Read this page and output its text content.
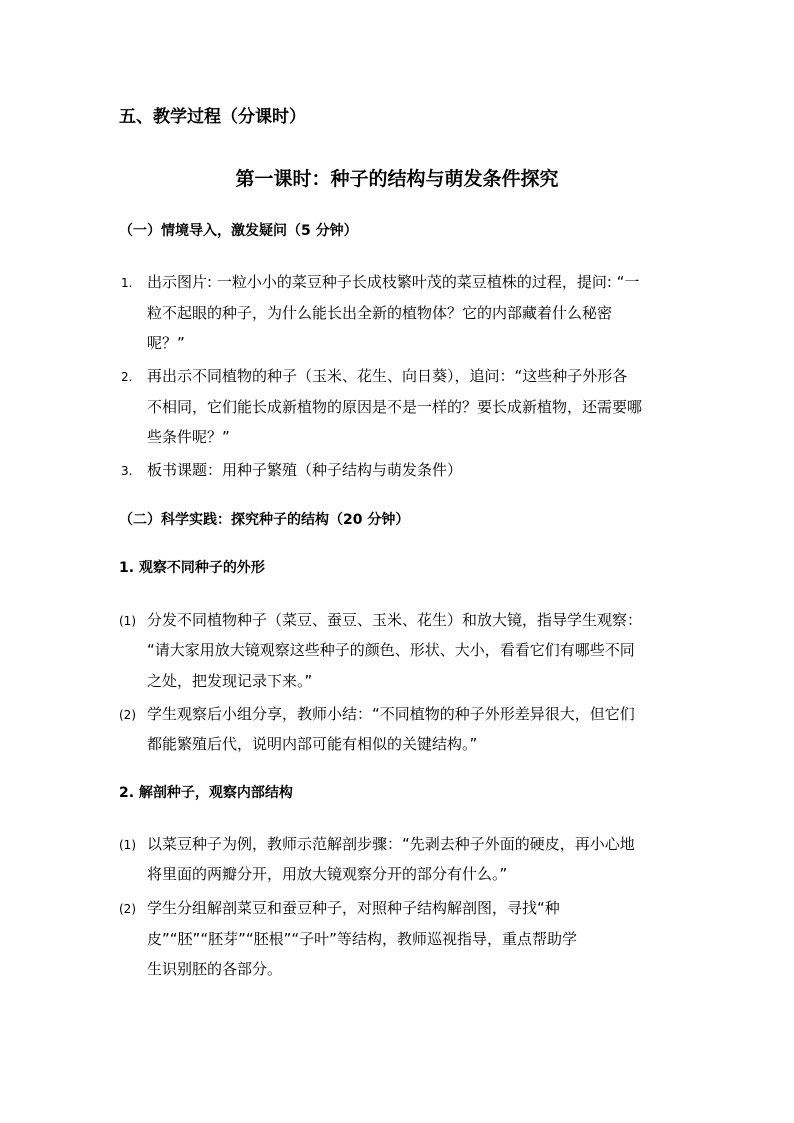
五、教学过程（分课时）
第一课时：种子的结构与萌发条件探究
（一）情境导入，激发疑问（5 分钟）
1. 出示图片: 一粒小小的菜豆种子长成枝繁叶茂的菜豆植株的过程，提问: “一
粒不起眼的种子，为什么能长出全新的植物体？它的内部藏着什么秘密
呢？”
2. 再出示不同植物的种子（玉米、花生、向日葵），追问：“这些种子外形各
不相同，它们能长成新植物的原因是不是一样的？要长成新植物，还需要哪
些条件呢？”
3. 板书课题：用种子繁殖（种子结构与萌发条件）
（二）科学实践：探究种子的结构（20 分钟）
1. 观察不同种子的外形
(1) 分发不同植物种子（菜豆、蚕豆、玉米、花生）和放大镜，指导学生观察：
“请大家用放大镜观察这些种子的颜色、形状、大小，看看它们有哪些不同
之处，把发现记录下来。”
(2) 学生观察后小组分享，教师小结：“不同植物的种子外形差异很大，但它们
都能繁殖后代，说明内部可能有相似的关键结构。”
2. 解剖种子，观察内部结构
(1) 以菜豆种子为例，教师示范解剖步骤：“先剥去种子外面的硬皮，再小心地
将里面的两瓣分开，用放大镜观察分开的部分有什么。”
(2) 学生分组解剖菜豆和蚕豆种子，对照种子结构解剖图，寻找“种
皮”“胚”“胚芽”“胚根”“子叶”等结构，教师巡视指导，重点帮助学
生识别胚的各部分。
